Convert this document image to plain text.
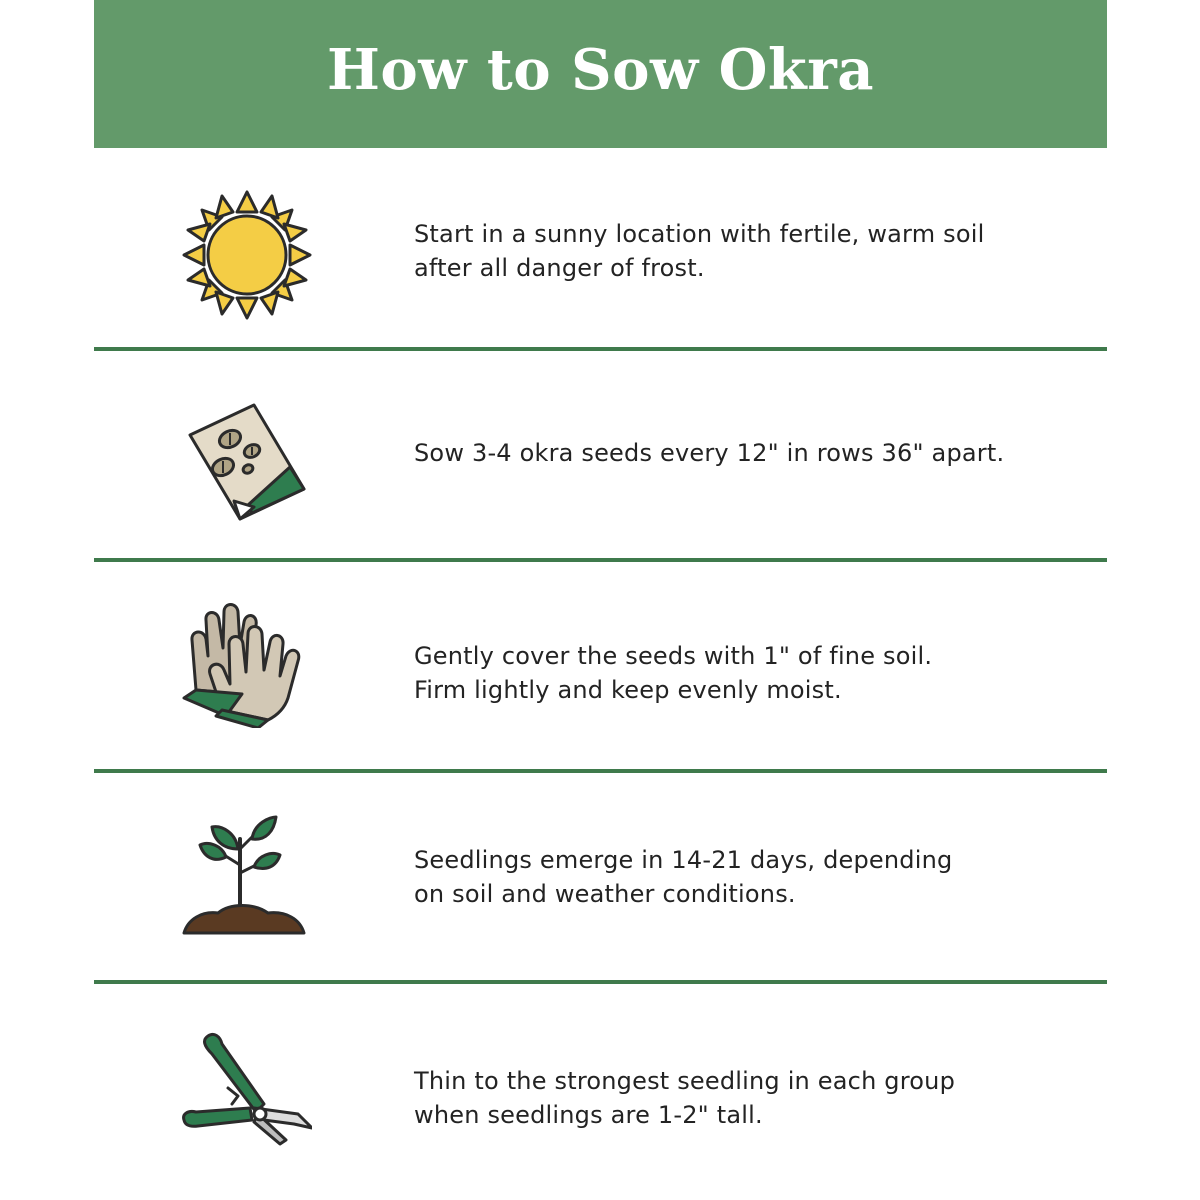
How to Sow Okra
Start in a sunny location with fertile, warm soil
after all danger of frost.
Sow 3-4 okra seeds every 12" in rows 36" apart.
Gently cover the seeds with 1" of fine soil.
Firm lightly and keep evenly moist.
Seedlings emerge in 14-21 days, depending
on soil and weather conditions.
Thin to the strongest seedling in each group
when seedlings are 1-2" tall.
